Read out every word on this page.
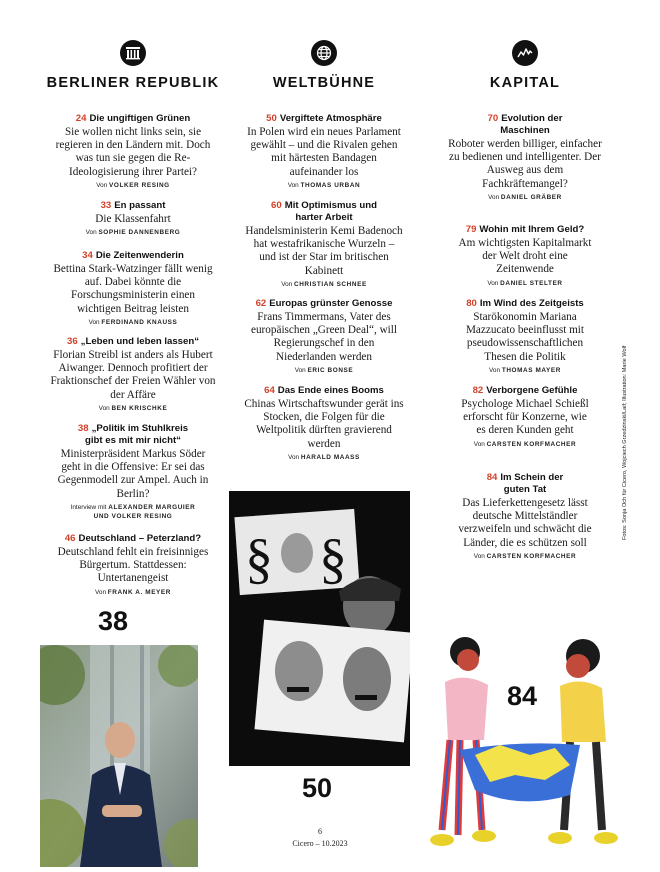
BERLINER REPUBLIK
24 Die ungiftigen Grünen
Sie wollen nicht links sein, sie regieren in den Ländern mit. Doch was tun sie gegen die Re-Ideologisierung ihrer Partei?
Von VOLKER RESING
33 En passant
Die Klassenfahrt
Von SOPHIE DANNENBERG
34 Die Zeitenwenderin
Bettina Stark-Watzinger fällt wenig auf. Dabei könnte die Forschungsministerin einen wichtigen Beitrag leisten
Von FERDINAND KNAUSS
36 „Leben und leben lassen“
Florian Streibl ist anders als Hubert Aiwanger. Dennoch profitiert der Fraktionschef der Freien Wähler von der Affäre
Von BEN KRISCHKE
38 „Politik im Stuhlkreis gibt es mit mir nicht“
Ministerpräsident Markus Söder geht in die Offensive: Er sei das Gegenmodell zur Ampel. Auch in Berlin?
Interview mit ALEXANDER MARGUIER
UND VOLKER RESING
46 Deutschland – Peterzland?
Deutschland fehlt ein freisinniges Bürgertum. Stattdessen: Untertanengeist
Von FRANK A. MEYER
WELTBÜHNE
50 Vergiftete Atmosphäre
In Polen wird ein neues Parlament gewählt – und die Rivalen gehen mit härtesten Bandagen aufeinander los
Von THOMAS URBAN
60 Mit Optimismus und harter Arbeit
Handelsministerin Kemi Badenoch hat westafrikanische Wurzeln – und ist der Star im britischen Kabinett
Von CHRISTIAN SCHNEE
62 Europas grünster Genosse
Frans Timmermans, Vater des europäischen „Green Deal“, will Regierungschef in den Niederlanden werden
Von ERIC BONSE
64 Das Ende eines Booms
Chinas Wirtschaftswunder gerät ins Stocken, die Folgen für die Weltpolitik dürften gravierend werden
Von HARALD MAASS
KAPITAL
70 Evolution der Maschinen
Roboter werden billiger, einfacher zu bedienen und intelligenter. Der Ausweg aus dem Fachkräftemangel?
Von DANIEL GRÄBER
79 Wohin mit Ihrem Geld?
Am wichtigsten Kapitalmarkt der Welt droht eine Zeitenwende
Von DANIEL STELTER
80 Im Wind des Zeitgeists
Starökonomin Mariana Mazzucato beeinflusst mit pseudowissenschaftlichen Thesen die Politik
Von THOMAS MAYER
82 Verborgene Gefühle
Psychologe Michael Schießl erforscht für Konzerne, wie es deren Kunden geht
Von CARSTEN KORFMACHER
84 Im Schein der guten Tat
Das Lieferkettengesetz lässt deutsche Mittelständler verzweifeln und schwächt die Länder, die es schützen soll
Von CARSTEN KORFMACHER
Fotos: Sonja Och für Cicero, Wojciech Grzedzinski/Laif; Illustration: Marie Wolf
38
§ §
50
84
6
Cicero – 10.2023
